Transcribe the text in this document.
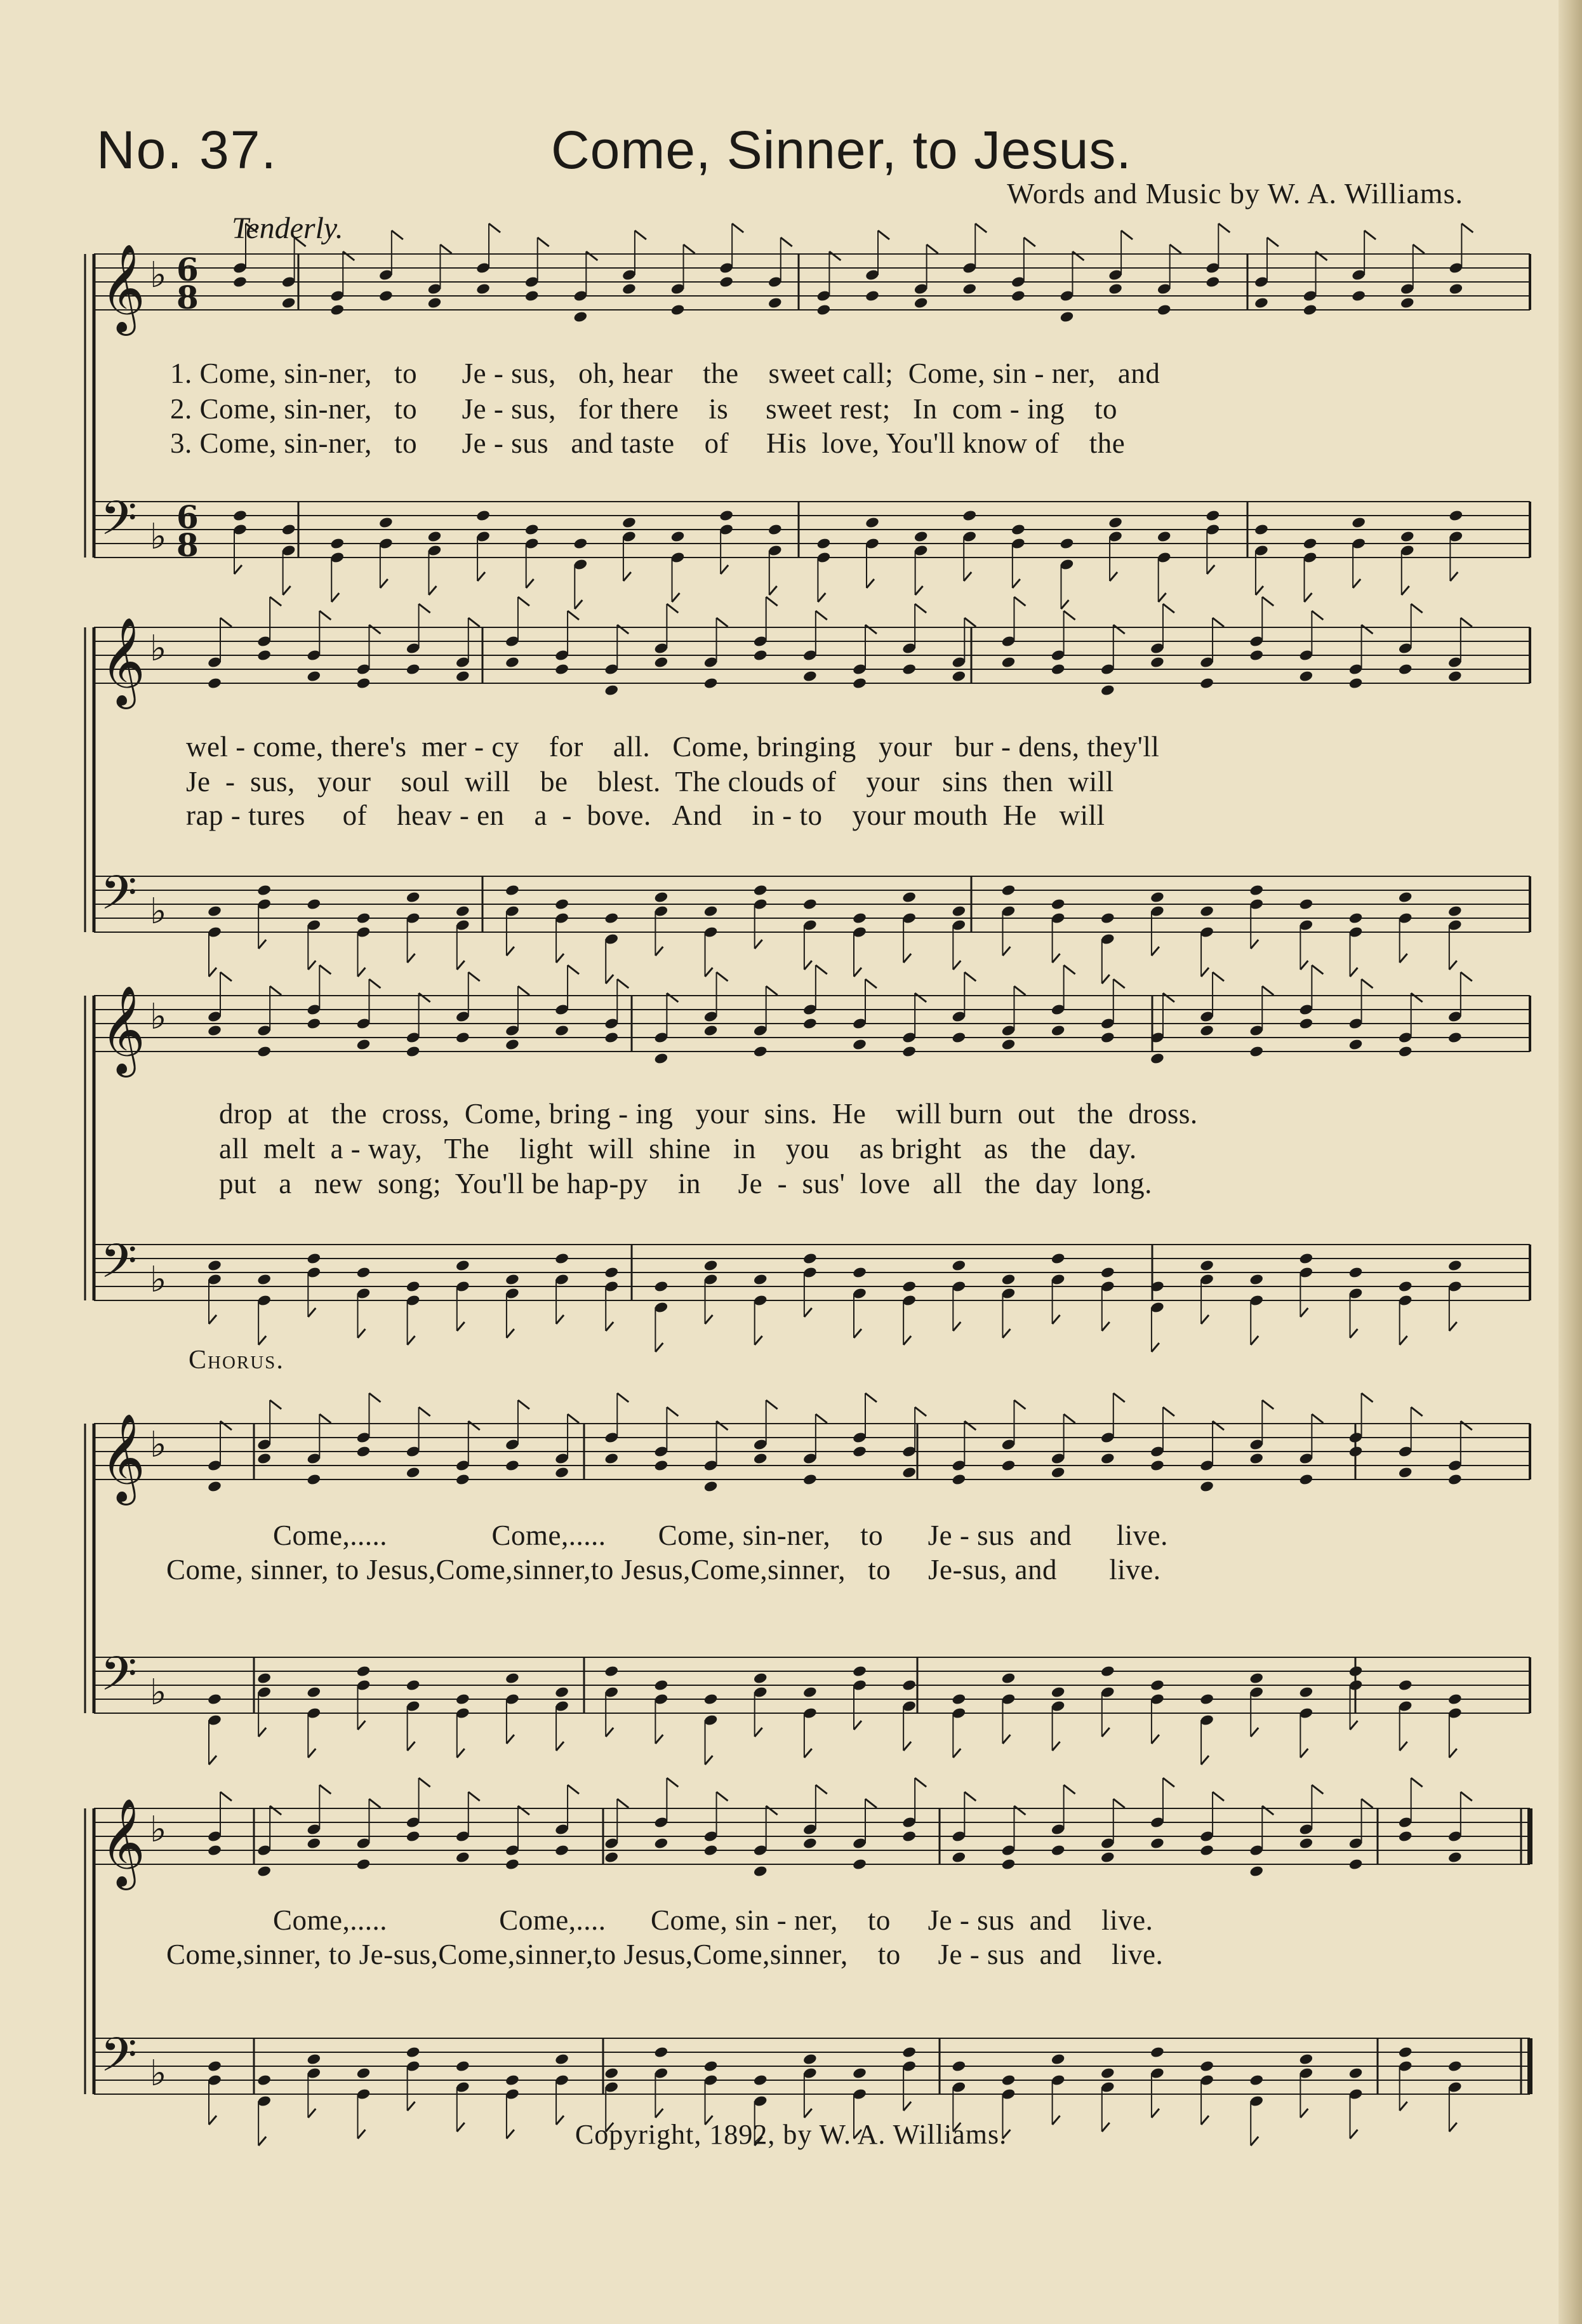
No. 37.	Come, Sinner, to Jesus.
Words and Music by W. A. Williams.
Tenderly.
𝄞 ♭ 6
8
𝄢 ♭ 6
8
𝄞 ♭
𝄢 ♭
𝄞 ♭
𝄢 ♭
𝄞 ♭
𝄢 ♭
𝄞 ♭
𝄢 ♭
1. Come, sin-ner,   to      Je - sus,   oh, hear    the    sweet call;  Come, sin - ner,   and
2. Come, sin-ner,   to      Je - sus,   for there    is     sweet rest;   In  com - ing    to
3. Come, sin-ner,   to      Je - sus   and taste    of     His  love, You'll know of    the
wel - come, there's  mer - cy    for    all.   Come, bringing   your   bur - dens, they'll
Je  -  sus,   your    soul  will    be    blest.  The clouds of    your   sins  then  will
rap - tures     of    heav - en    a  -  bove.   And    in - to    your mouth  He   will
drop  at   the  cross,  Come, bring - ing   your  sins.  He    will burn  out   the  dross.
all  melt  a - way,   The    light  will  shine   in    you    as bright   as   the   day.
put   a   new  song;  You'll be hap-py    in     Je  -  sus'  love   all   the  day  long.
Chorus.
Come,.....              Come,.....       Come, sin-ner,    to      Je - sus  and      live.
Come, sinner, to Jesus,Come,sinner,to Jesus,Come,sinner,   to     Je-sus, and       live.
Come,.....               Come,....      Come, sin - ner,    to     Je - sus  and    live.
Come,sinner, to Je-sus,Come,sinner,to Jesus,Come,sinner,    to     Je - sus  and    live.
Copyright, 1892, by W. A. Williams.
